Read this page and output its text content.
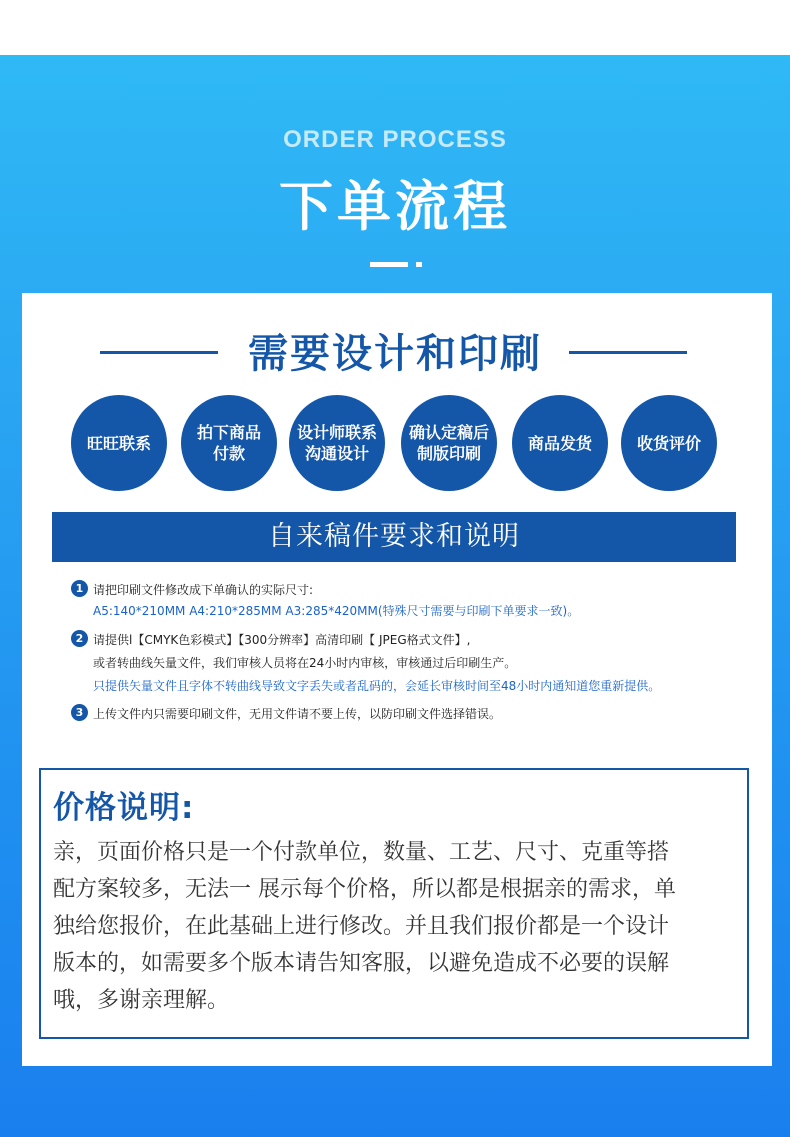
ORDER PROCESS
下单流程
需要设计和印刷
旺旺联系
拍下商品
付款
设计师联系
沟通设计
确认定稿后
制版印刷
商品发货	收货评价
自来稿件要求和说明
1 请把印刷文件修改成下单确认的实际尺寸:
A5:140*210MM A4:210*285MM A3:285*420MM(特殊尺寸需要与印刷下单要求一致)。
2 请提供l【CMYK色彩模式】【300分辨率】高清印刷【 JPEG格式文件】,
或者转曲线矢量文件，我们审核人员将在24小时内审核，审核通过后印刷生产。
只提供矢量文件且字体不转曲线导致文字丢失或者乱码的，会延长审核时间至48小时内通知道您重新提供。
3 上传文件内只需要印刷文件，无用文件请不要上传，以防印刷文件选择错误。
价格说明:
亲，页面价格只是一个付款单位，数量、工艺、尺寸、克重等搭
配方案较多，无法一 展示每个价格，所以都是根据亲的需求，单
独给您报价，在此基础上进行修改。并且我们报价都是一个设计
版本的，如需要多个版本请告知客服，以避免造成不必要的误解
哦，多谢亲理解。
